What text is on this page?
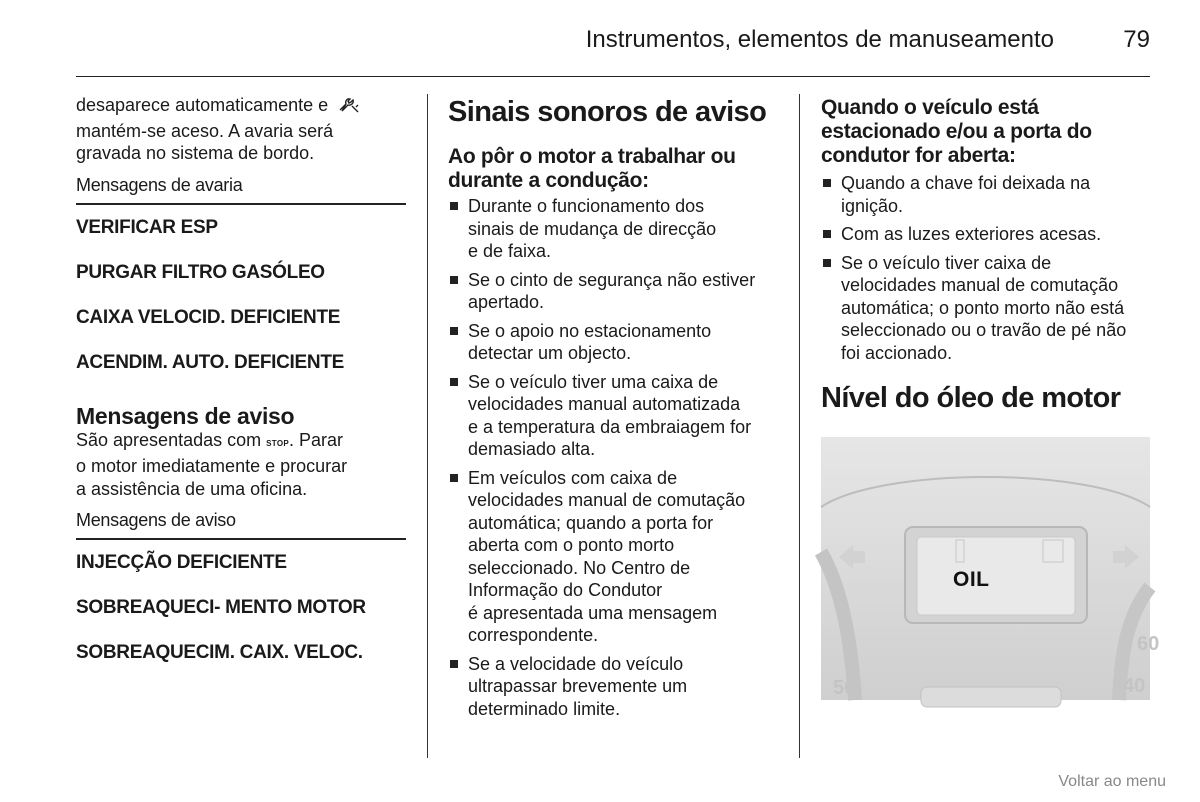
Instrumentos, elementos de manuseamento	79

desaparece automaticamente e
mantém-se aceso. A avaria será
gravada no sistema de bordo.

Mensagens de avaria
VERIFICAR ESP
PURGAR FILTRO GASÓLEO
CAIXA VELOCID. DEFICIENTE
ACENDIM. AUTO. DEFICIENTE
Mensagens de aviso

São apresentadas com STOP. Parar
o motor imediatamente e procurar
a assistência de uma oficina.

Mensagens de aviso
INJECÇÃO DEFICIENTE
SOBREAQUECI- MENTO MOTOR
SOBREAQUECIM. CAIX. VELOC.
Sinais sonoros de aviso
Ao pôr o motor a trabalhar ou
durante a condução:
Durante o funcionamento dos
sinais de mudança de direcção
e de faixa.
Se o cinto de segurança não estiver
apertado.
Se o apoio no estacionamento
detectar um objecto.
Se o veículo tiver uma caixa de
velocidades manual automatizada
e a temperatura da embraiagem for
demasiado alta.
Em veículos com caixa de
velocidades manual de comutação
automática; quando a porta for
aberta com o ponto morto
seleccionado. No Centro de
Informação do Condutor
é apresentada uma mensagem
correspondente.
Se a velocidade do veículo
ultrapassar brevemente um
determinado limite.
Quando o veículo está
estacionado e/ou a porta do
condutor for aberta:
Quando a chave foi deixada na
ignição.
Com as luzes exteriores acesas.
Se o veículo tiver caixa de
velocidades manual de comutação
automática; o ponto morto não está
seleccionado ou o travão de pé não
foi accionado.
Nível do óleo de motor
OIL
50
60
40
Voltar ao menu
